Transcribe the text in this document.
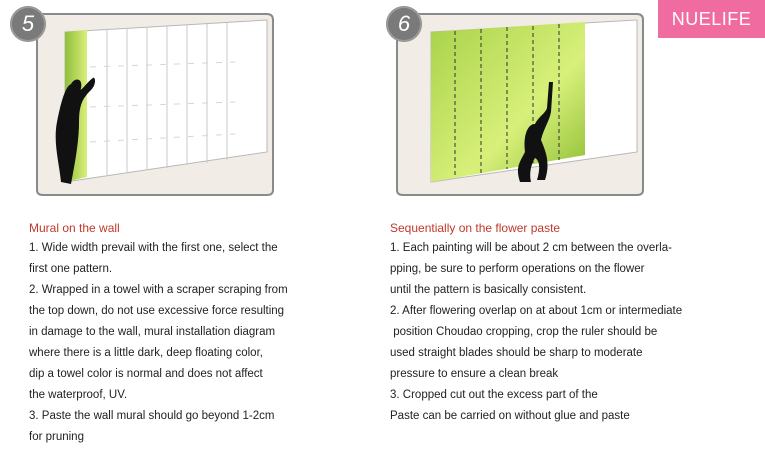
NUELIFE
5	6
Mural on the wall
1. Wide width prevail with the first one, select the
first one pattern.
2. Wrapped in a towel with a scraper scraping from
the top down, do not use excessive force resulting
in damage to the wall, mural installation diagram
where there is a little dark, deep floating color,
dip a towel color is normal and does not affect
the waterproof, UV.
3. Paste the wall mural should go beyond 1-2cm
for pruning
Sequentially on the flower paste
1. Each painting will be about 2 cm between the overla-
pping, be sure to perform operations on the flower
until the pattern is basically consistent.
2. After flowering overlap on at about 1cm or intermediate
position Choudao cropping, crop the ruler should be
used straight blades should be sharp to moderate
pressure to ensure a clean break
3. Cropped cut out the excess part of the
Paste can be carried on without glue and paste
